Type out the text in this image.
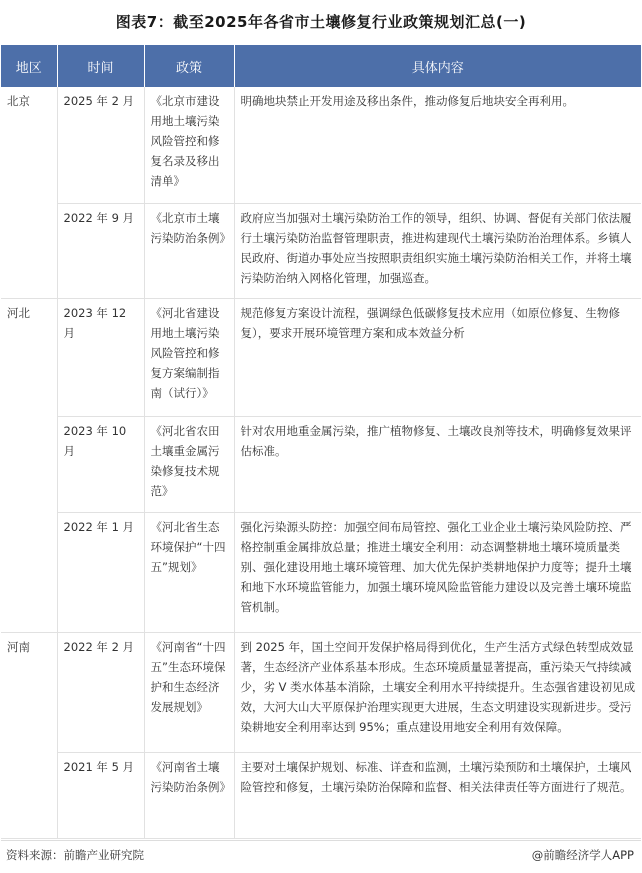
图表7：截至2025年各省市土壤修复行业政策规划汇总(一)
地区	时间	政策	具体内容
北京	2025 年 2 月	《北京市建设用地土壤污染风险管控和修复名录及移出清单》	明确地块禁止开发用途及移出条件，推动修复后地块安全再利用。
	2022 年 9 月	《北京市土壤污染防治条例》	政府应当加强对土壤污染防治工作的领导，组织、协调、督促有关部门依法履行土壤污染防治监督管理职责，推进构建现代土壤污染防治治理体系。乡镇人民政府、街道办事处应当按照职责组织实施土壤污染防治相关工作，并将土壤污染防治纳入网格化管理，加强巡查。
河北	2023 年 12 月	《河北省建设用地土壤污染风险管控和修复方案编制指南（试行）》	规范修复方案设计流程，强调绿色低碳修复技术应用（如原位修复、生物修复），要求开展环境管理方案和成本效益分析
	2023 年 10 月	《河北省农田土壤重金属污染修复技术规范》	针对农用地重金属污染，推广植物修复、土壤改良剂等技术，明确修复效果评估标准。
	2022 年 1 月	《河北省生态环境保护“十四五”规划》	强化污染源头防控：加强空间布局管控、强化工业企业土壤污染风险防控、严格控制重金属排放总量；推进土壤安全利用：动态调整耕地土壤环境质量类别、强化建设用地土壤环境管理、加大优先保护类耕地保护力度等；提升土壤和地下水环境监管能力，加强土壤环境风险监管能力建设以及完善土壤环境监管机制。
河南	2022 年 2 月	《河南省“十四五”生态环境保护和生态经济发展规划》	到 2025 年，国土空间开发保护格局得到优化，生产生活方式绿色转型成效显著，生态经济产业体系基本形成。生态环境质量显著提高，重污染天气持续减少，劣 V 类水体基本消除，土壤安全利用水平持续提升。生态强省建设初见成效，大河大山大平原保护治理实现更大进展，生态文明建设实现新进步。受污染耕地安全利用率达到 95%；重点建设用地安全利用有效保障。
	2021 年 5 月	《河南省土壤污染防治条例》	主要对土壤保护规划、标准、详查和监测，土壤污染预防和土壤保护，土壤风险管控和修复，土壤污染防治保障和监督、相关法律责任等方面进行了规范。
资料来源：前瞻产业研究院	@前瞻经济学人APP
